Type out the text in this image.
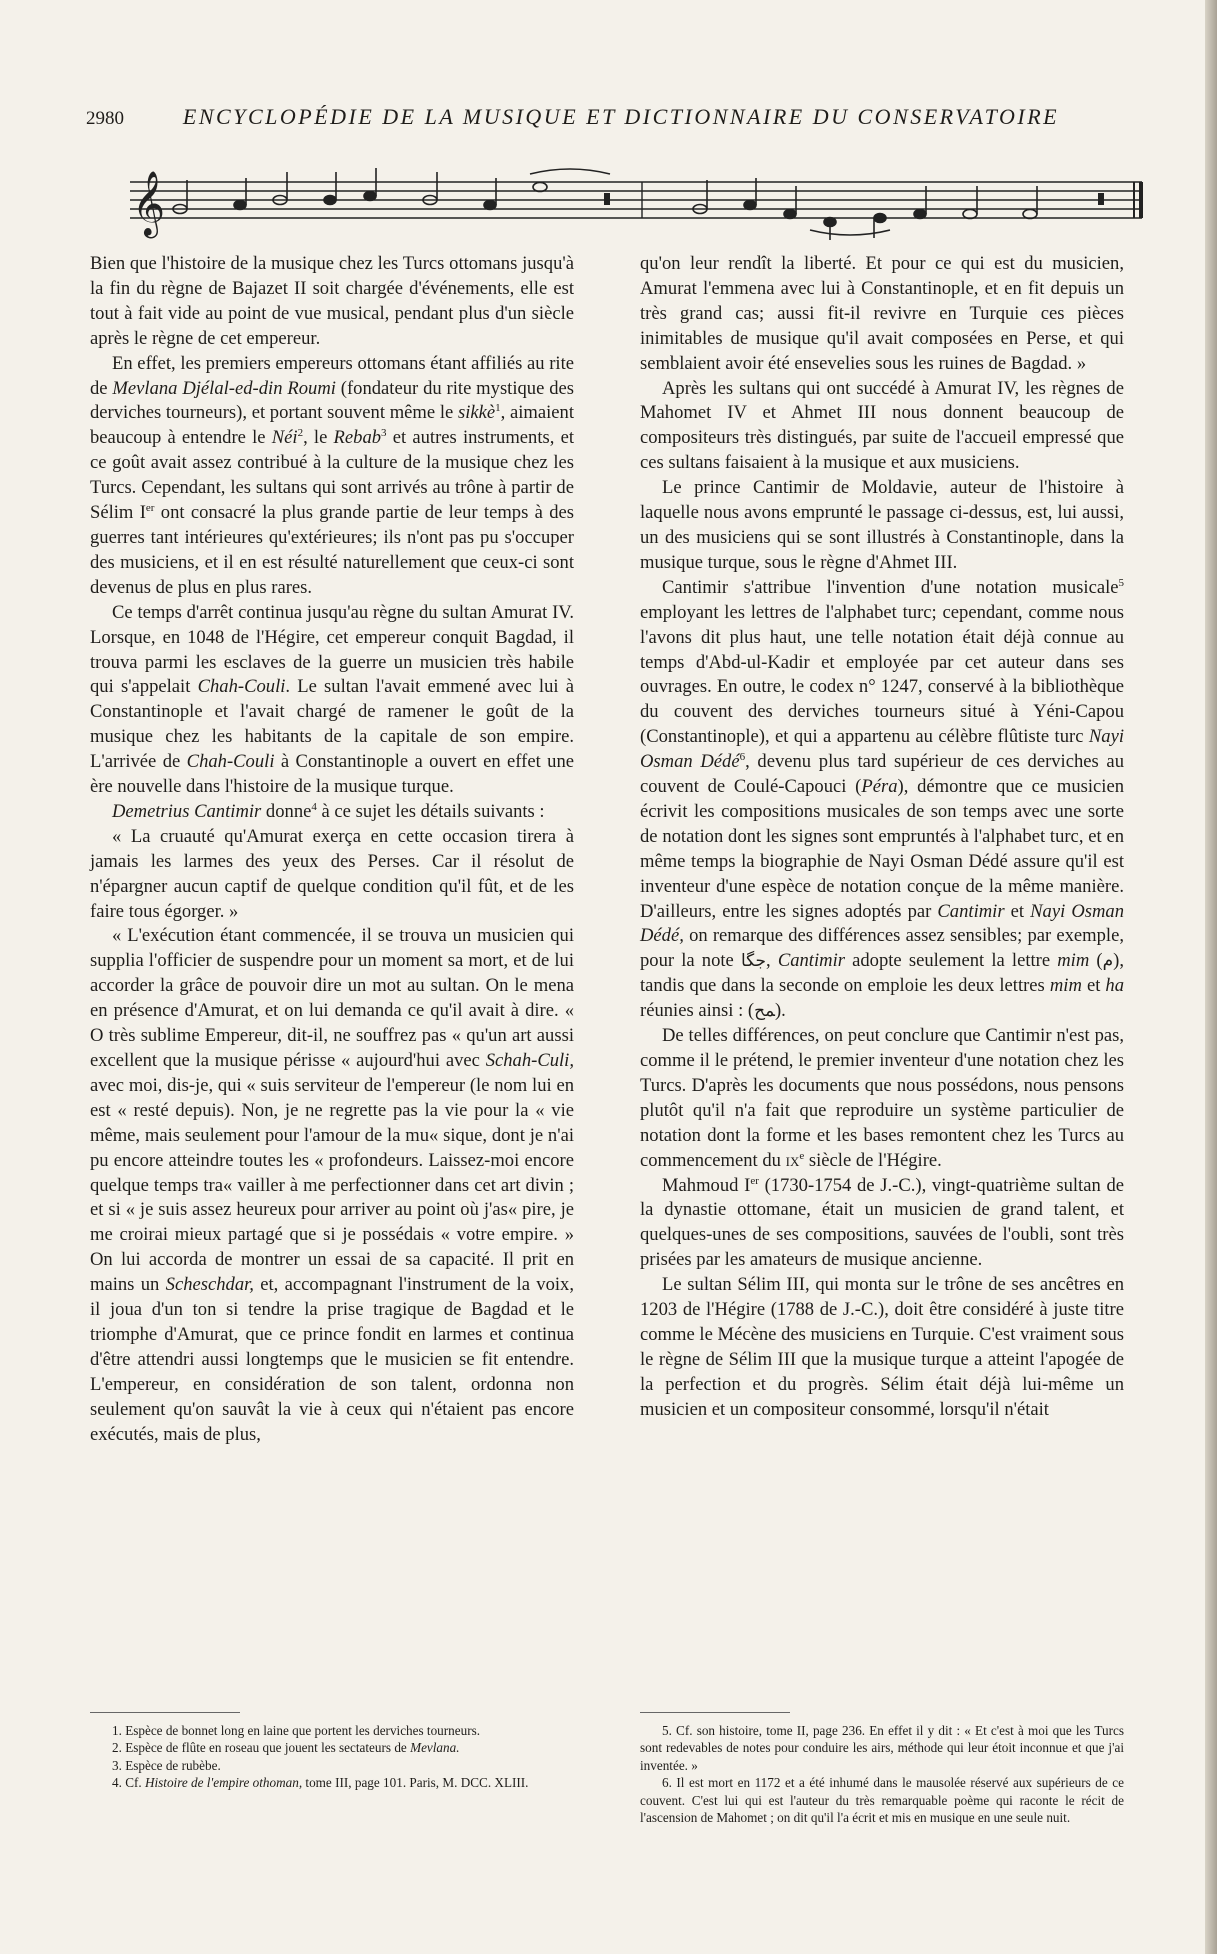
2980	ENCYCLOPÉDIE DE LA MUSIQUE ET DICTIONNAIRE DU CONSERVATOIRE
𝄞

Bien que l'histoire de la musique chez les Turcs ottomans jusqu'à la fin du règne de Bajazet II soit chargée d'événements, elle est tout à fait vide au point de vue musical, pendant plus d'un siècle après le règne de cet empereur.

En effet, les premiers empereurs ottomans étant affiliés au rite de Mevlana Djélal-ed-din Roumi (fondateur du rite mystique des derviches tourneurs), et portant souvent même le sikkè$^1$, aimaient beaucoup à entendre le Néi$^2$, le Rebab$^3$ et autres instruments, et ce goût avait assez contribué à la culture de la musique chez les Turcs. Cependant, les sultans qui sont arrivés au trône à partir de Sélim Ier ont consacré la plus grande partie de leur temps à des guerres tant intérieures qu'extérieures; ils n'ont pas pu s'occuper des musiciens, et il en est résulté naturellement que ceux-ci sont devenus de plus en plus rares.

Ce temps d'arrêt continua jusqu'au règne du sultan Amurat IV. Lorsque, en 1048 de l'Hégire, cet empereur conquit Bagdad, il trouva parmi les esclaves de la guerre un musicien très habile qui s'appelait Chah-Couli. Le sultan l'avait emmené avec lui à Constantinople et l'avait chargé de ramener le goût de la musique chez les habitants de la capitale de son empire. L'arrivée de Chah-Couli à Constantinople a ouvert en effet une ère nouvelle dans l'histoire de la musique turque.

Demetrius Cantimir donne$^4$ à ce sujet les détails suivants :

« La cruauté qu'Amurat exerça en cette occasion tirera à jamais les larmes des yeux des Perses. Car il résolut de n'épargner aucun captif de quelque condition qu'il fût, et de les faire tous égorger. »

« L'exécution étant commencée, il se trouva un musicien qui supplia l'officier de suspendre pour un moment sa mort, et de lui accorder la grâce de pouvoir dire un mot au sultan. On le mena en présence d'Amurat, et on lui demanda ce qu'il avait à dire. « O très sublime Empereur, dit-il, ne souffrez pas « qu'un art aussi excellent que la musique périsse « aujourd'hui avec Schah-Culi, avec moi, dis-je, qui « suis serviteur de l'empereur (le nom lui en est « resté depuis). Non, je ne regrette pas la vie pour la « vie même, mais seulement pour l'amour de la mu« sique, dont je n'ai pu encore atteindre toutes les « profondeurs. Laissez-moi encore quelque temps tra« vailler à me perfectionner dans cet art divin ; et si « je suis assez heureux pour arriver au point où j'as« pire, je me croirai mieux partagé que si je possédais « votre empire. » On lui accorda de montrer un essai de sa capacité. Il prit en mains un Scheschdar, et, accompagnant l'instrument de la voix, il joua d'un ton si tendre la prise tragique de Bagdad et le triomphe d'Amurat, que ce prince fondit en larmes et continua d'être attendri aussi longtemps que le musicien se fit entendre. L'empereur, en considération de son talent, ordonna non seulement qu'on sauvât la vie à ceux qui n'étaient pas encore exécutés, mais de plus,

qu'on leur rendît la liberté. Et pour ce qui est du musicien, Amurat l'emmena avec lui à Constantinople, et en fit depuis un très grand cas; aussi fit-il revivre en Turquie ces pièces inimitables de musique qu'il avait composées en Perse, et qui semblaient avoir été ensevelies sous les ruines de Bagdad. »

Après les sultans qui ont succédé à Amurat IV, les règnes de Mahomet IV et Ahmet III nous donnent beaucoup de compositeurs très distingués, par suite de l'accueil empressé que ces sultans faisaient à la musique et aux musiciens.

Le prince Cantimir de Moldavie, auteur de l'histoire à laquelle nous avons emprunté le passage ci-dessus, est, lui aussi, un des musiciens qui se sont illustrés à Constantinople, dans la musique turque, sous le règne d'Ahmet III.

Cantimir s'attribue l'invention d'une notation musicale$^5$ employant les lettres de l'alphabet turc; cependant, comme nous l'avons dit plus haut, une telle notation était déjà connue au temps d'Abd-ul-Kadir et employée par cet auteur dans ses ouvrages. En outre, le codex n° 1247, conservé à la bibliothèque du couvent des derviches tourneurs situé à Yéni-Capou (Constantinople), et qui a appartenu au célèbre flûtiste turc Nayi Osman Dédé$^6$, devenu plus tard supérieur de ces derviches au couvent de Coulé-Capouci (Péra), démontre que ce musicien écrivit les compositions musicales de son temps avec une sorte de notation dont les signes sont empruntés à l'alphabet turc, et en même temps la biographie de Nayi Osman Dédé assure qu'il est inventeur d'une espèce de notation conçue de la même manière. D'ailleurs, entre les signes adoptés par Cantimir et Nayi Osman Dédé, on remarque des différences assez sensibles; par exemple, pour la note ﺟﮕﺎ, Cantimir adopte seulement la lettre mim (ﻡ), tandis que dans la seconde on emploie les deux lettres mim et ha réunies ainsi : (ﻤﺢ).

De telles différences, on peut conclure que Cantimir n'est pas, comme il le prétend, le premier inventeur d'une notation chez les Turcs. D'après les documents que nous possédons, nous pensons plutôt qu'il n'a fait que reproduire un système particulier de notation dont la forme et les bases remontent chez les Turcs au commencement du $ix^e$ siècle de l'Hégire.

Mahmoud Ier (1730-1754 de J.-C.), vingt-quatrième sultan de la dynastie ottomane, était un musicien de grand talent, et quelques-unes de ses compositions, sauvées de l'oubli, sont très prisées par les amateurs de musique ancienne.

Le sultan Sélim III, qui monta sur le trône de ses ancêtres en 1203 de l'Hégire (1788 de J.-C.), doit être considéré à juste titre comme le Mécène des musiciens en Turquie. C'est vraiment sous le règne de Sélim III que la musique turque a atteint l'apogée de la perfection et du progrès. Sélim était déjà lui-même un musicien et un compositeur consommé, lorsqu'il n'était

1. Espèce de bonnet long en laine que portent les derviches tourneurs.

2. Espèce de flûte en roseau que jouent les sectateurs de Mevlana.

3. Espèce de rubèbe.

4. Cf. Histoire de l'empire othoman, tome III, page 101. Paris, M. DCC. XLIII.

5. Cf. son histoire, tome II, page 236. En effet il y dit : « Et c'est à moi que les Turcs sont redevables de notes pour conduire les airs, méthode qui leur étoit inconnue et que j'ai inventée. »

6. Il est mort en 1172 et a été inhumé dans le mausolée réservé aux supérieurs de ce couvent. C'est lui qui est l'auteur du très remarquable poème qui raconte le récit de l'ascension de Mahomet ; on dit qu'il l'a écrit et mis en musique en une seule nuit.
